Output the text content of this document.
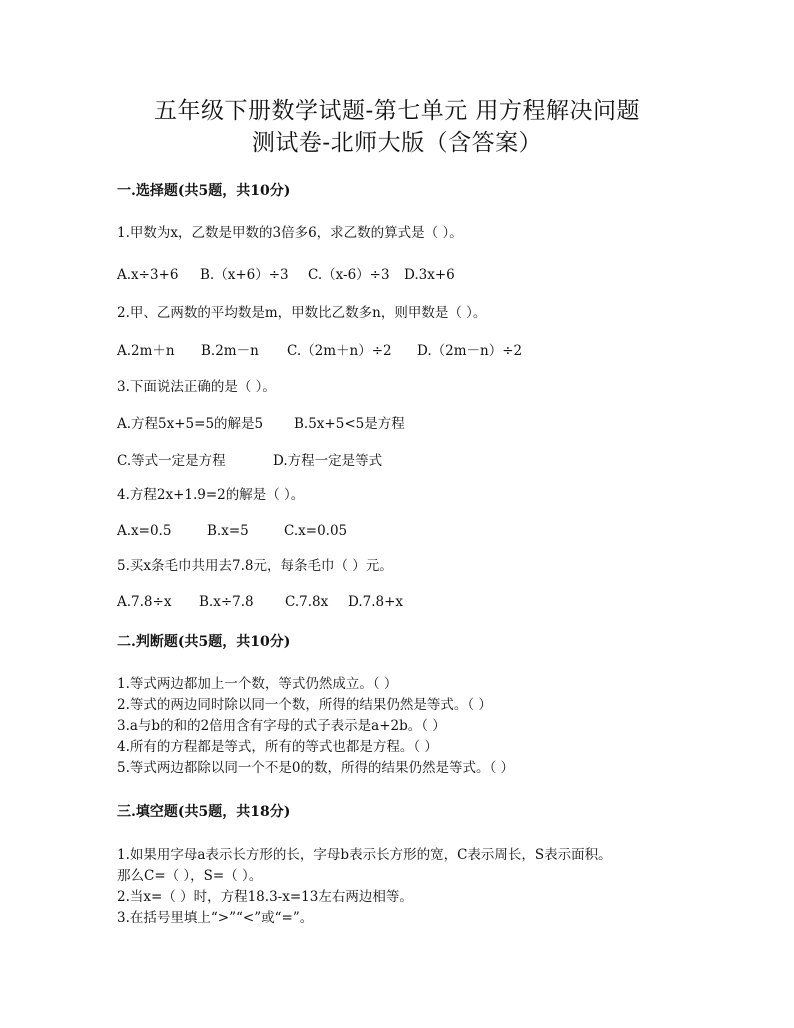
五年级下册数学试题-第七单元 用方程解决问题
测试卷-北师大版（含答案）
一.选择题(共5题，共10分)
1.甲数为x，乙数是甲数的3倍多6，求乙数的算式是（ ）。
A.x÷3+6 B.（x+6）÷3 C.（x-6）÷3 D.3x+6
2.甲、乙两数的平均数是m，甲数比乙数多n，则甲数是（ ）。
A.2m＋n B.2m－n C.（2m＋n）÷2 D.（2m－n）÷2
3.下面说法正确的是（ ）。
A.方程5x+5=5的解是5 B.5x+5<5是方程
C.等式一定是方程	D.方程一定是等式
4.方程2x+1.9=2的解是（ ）。
A.x=0.5	B.x=5	C.x=0.05
5.买x条毛巾共用去7.8元，每条毛巾（ ）元。
A.7.8÷x B.x÷7.8 C.7.8x D.7.8+x
二.判断题(共5题，共10分)
1.等式两边都加上一个数，等式仍然成立。（ ）
2.等式的两边同时除以同一个数，所得的结果仍然是等式。（ ）
3.a与b的和的2倍用含有字母的式子表示是a+2b。（ ）
4.所有的方程都是等式，所有的等式也都是方程。（ ）
5.等式两边都除以同一个不是0的数，所得的结果仍然是等式。（ ）
三.填空题(共5题，共18分)
1.如果用字母a表示长方形的长，字母b表示长方形的宽，C表示周长，S表示面积。
那么C=（ ），S=（ ）。
2.当x=（ ）时，方程18.3-x=13左右两边相等。
3.在括号里填上“>”“<”或“=”。
